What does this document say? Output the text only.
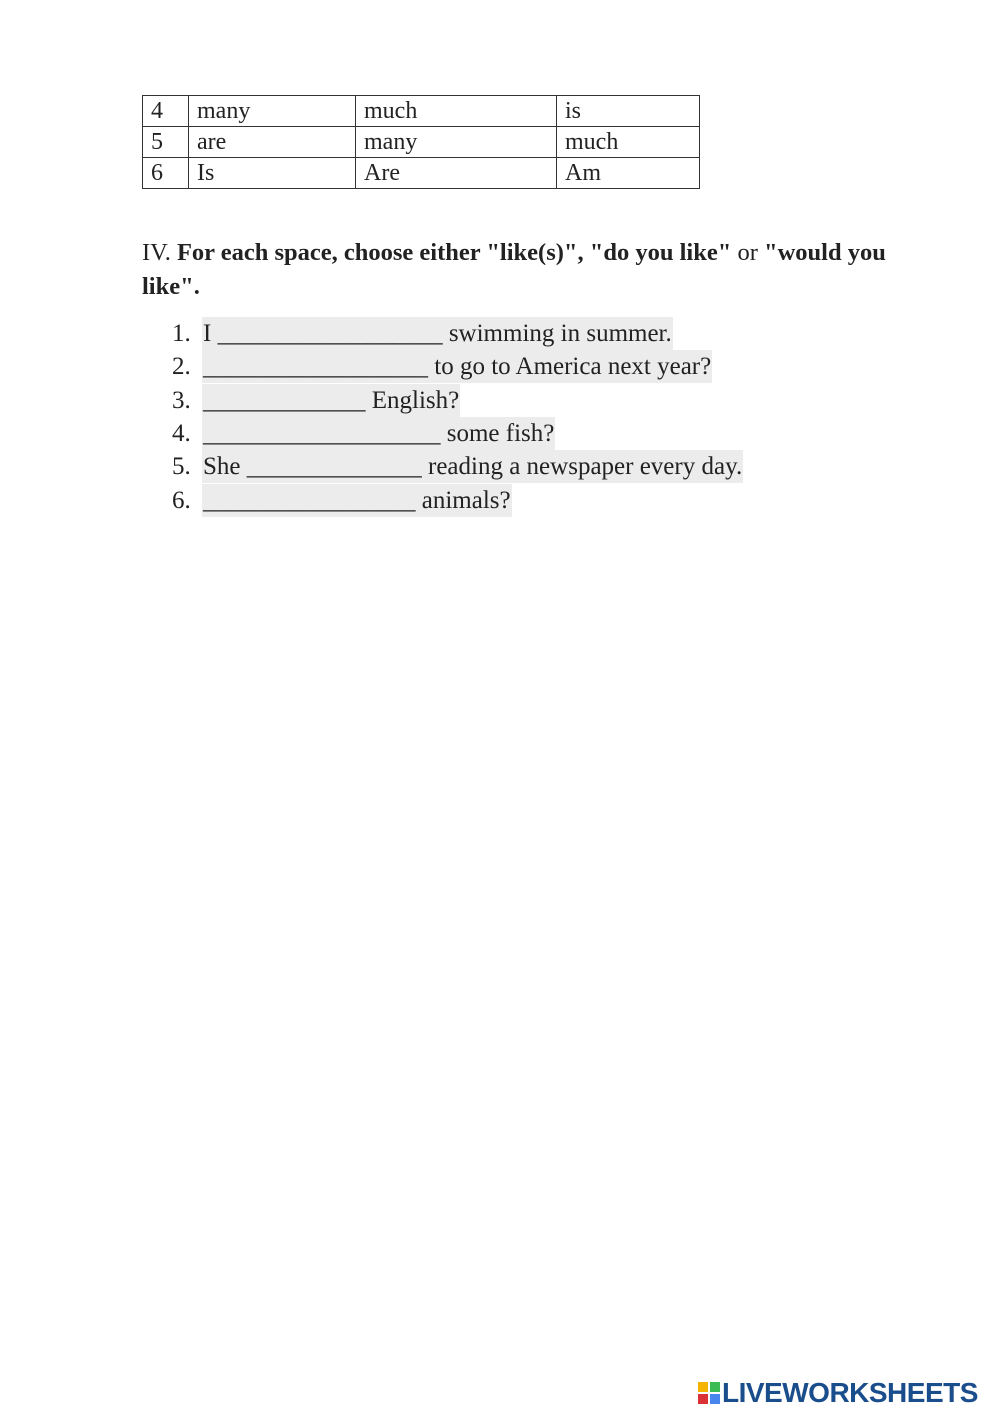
4	many	much	is
5	are	many	much
6	Is	Are	Am

IV. For each space, choose either "like(s)", "do you like" or "would you like".

1. I __________________ swimming in summer.
2. __________________ to go to America next year?
3. _____________ English?
4. ___________________ some fish?
5. She ______________ reading a newspaper every day.
6. _________________ animals?
LIVEWORKSHEETS
